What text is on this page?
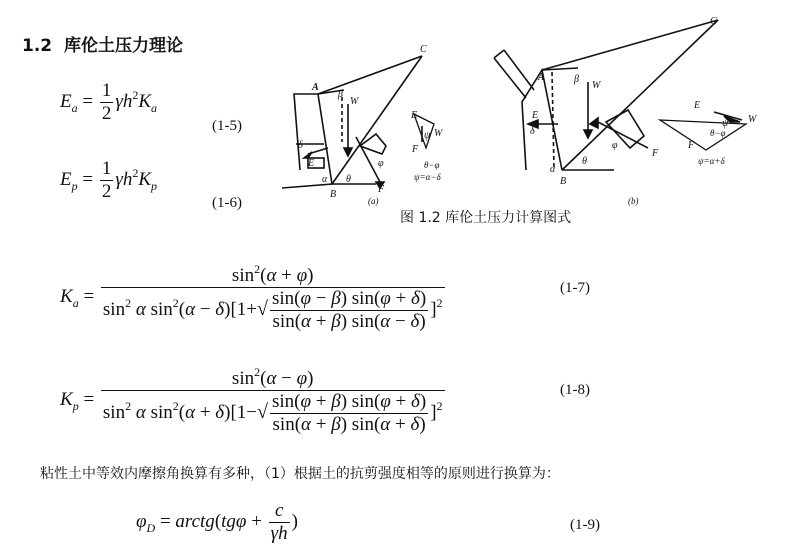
1.2 库伦土压力理论
$E_a = \frac{1}{2} \gamma h^2K_a$
(1-5)
$E_p = \frac{1}{2} \gamma h^2K_p$
(1-6)
A
C
B
W
β
α θ
δ
E	φ
F
E
W
F
θ−φ
ψ
(a)
ψ=α−δ
A
C
B
W
β
α
θ
δ
E
φ
F
E
W
F
θ−φ
ψ
(b)
ψ=α+δ
图 1.2 库伦土压力计算图式
$K_a$ =
$\sin^2(\alpha + \varphi)$
$\sin^2 \alpha$ $\sin^2(\alpha - \delta)[1+√ \frac{\sin(\varphi - \beta) \sin(\varphi + \delta)}{\sin(\alpha + \beta) \sin(\alpha - \delta)} ]^2$
(1-7)
$K_p$ =
$\sin^2(\alpha - \varphi)$
$\sin^2 \alpha$ $\sin^2(\alpha + \delta)[1-√ \frac{\sin(\varphi + \beta) \sin(\varphi + \delta)}{\sin(\alpha + \beta) \sin(\alpha + \delta)} ]^2$
(1-8)
粘性土中等效内摩擦角换算有多种，（1）根据土的抗剪强度相等的原则进行换算为：
$\varphi_D$ = arctg(tgφ + $\frac{c}{\gamma h}$ )	(1-9)
